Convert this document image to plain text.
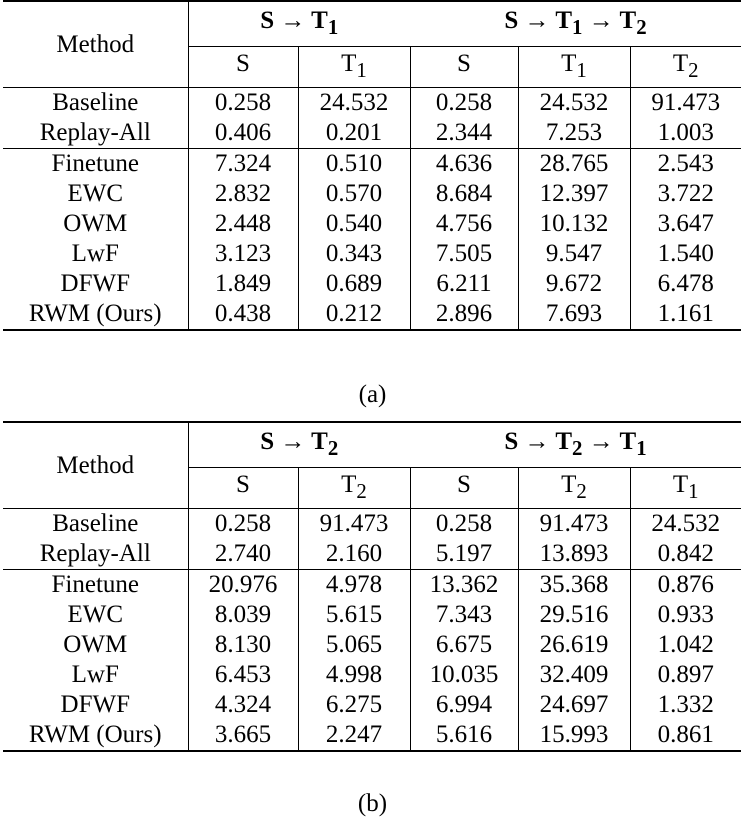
Method	$S \to T_1$		$S \to T_1 \to T_2$
	S	$T_1$	S	$T_1$	$T_2$
Baseline	0.258	24.532	0.258	24.532	91.473
Replay-All	0.406	0.201	2.344	7.253	1.003
Finetune	7.324	0.510	4.636	28.765	2.543
EWC	2.832	0.570	8.684	12.397	3.722
OWM	2.448	0.540	4.756	10.132	3.647
LwF	3.123	0.343	7.505	9.547	1.540
DFWF	1.849	0.689	6.211	9.672	6.478
RWM (Ours)	0.438	0.212	2.896	7.693	1.161
(a)
Method	$S \to T_2$		$S \to T_2 \to T_1$
	S	$T_2$	S	$T_2$	$T_1$
Baseline	0.258	91.473	0.258	91.473	24.532
Replay-All	2.740	2.160	5.197	13.893	0.842
Finetune	20.976	4.978	13.362	35.368	0.876
EWC	8.039	5.615	7.343	29.516	0.933
OWM	8.130	5.065	6.675	26.619	1.042
LwF	6.453	4.998	10.035	32.409	0.897
DFWF	4.324	6.275	6.994	24.697	1.332
RWM (Ours)	3.665	2.247	5.616	15.993	0.861
(b)
